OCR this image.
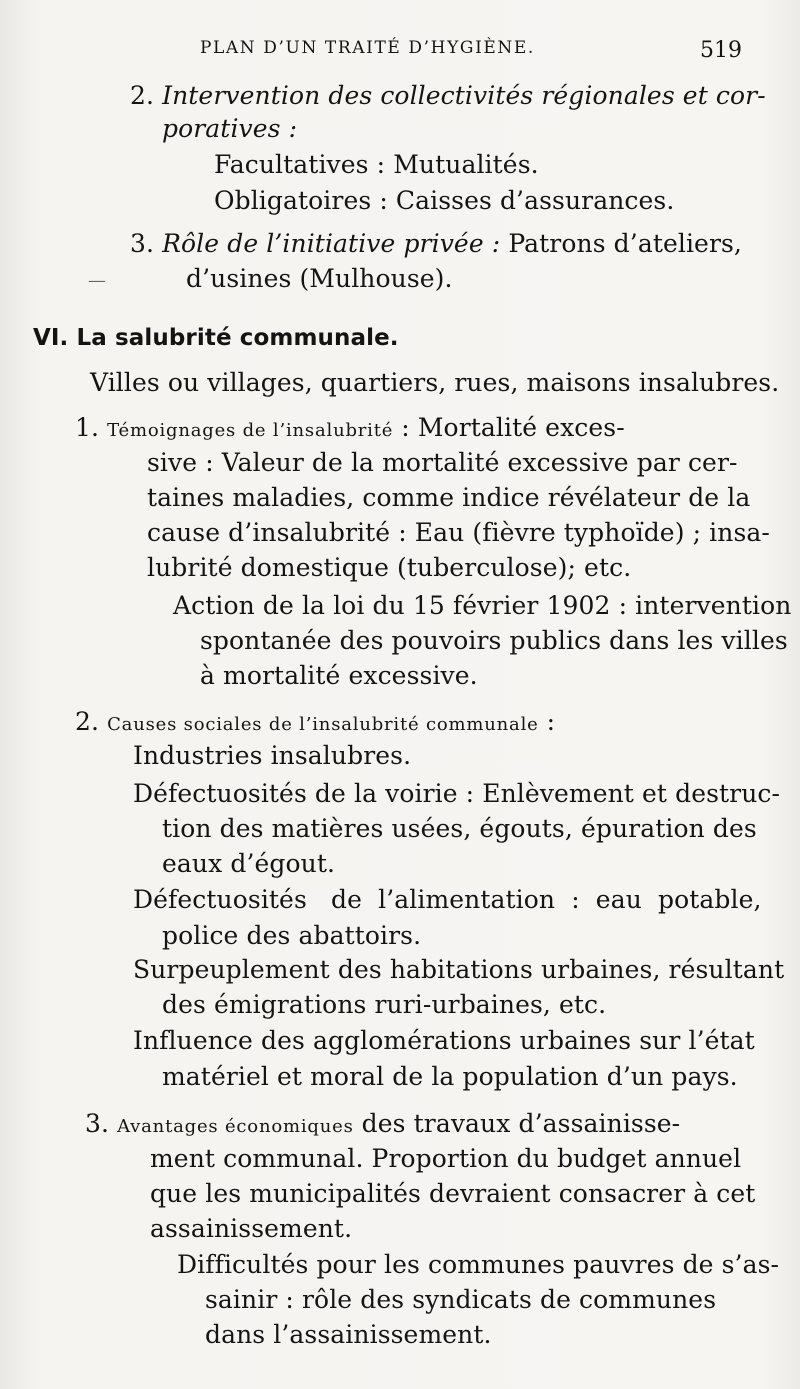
PLAN D’UN TRAITÉ D’HYGIÈNE.	519
2. Intervention des collectivités régionales et cor-
poratives :
Facultatives : Mutualités.
Obligatoires : Caisses d’assurances.
3. Rôle de l’initiative privée : Patrons d’ateliers,
d’usines (Mulhouse).
—
VI. La salubrité communale.
Villes ou villages, quartiers, rues, maisons insalubres.
1. Témoignages de l’insalubrité : Mortalité exces-
sive : Valeur de la mortalité excessive par cer-
taines maladies, comme indice révélateur de la
cause d’insalubrité : Eau (fièvre typhoïde) ; insa-
lubrité domestique (tuberculose); etc.
Action de la loi du 15 février 1902 : intervention
spontanée des pouvoirs publics dans les villes
à mortalité excessive.
2. Causes sociales de l’insalubrité communale :
Industries insalubres.
Défectuosités de la voirie : Enlèvement et destruc-
tion des matières usées, égouts, épuration des
eaux d’égout.
Défectuosités   de  l’alimentation  :  eau  potable,
police des abattoirs.
Surpeuplement des habitations urbaines, résultant
des émigrations ruri-urbaines, etc.
Influence des agglomérations urbaines sur l’état
matériel et moral de la population d’un pays.
3. Avantages économiques des travaux d’assainisse-
ment communal. Proportion du budget annuel
que les municipalités devraient consacrer à cet
assainissement.
Difficultés pour les communes pauvres de s’as-
sainir : rôle des syndicats de communes
dans l’assainissement.
